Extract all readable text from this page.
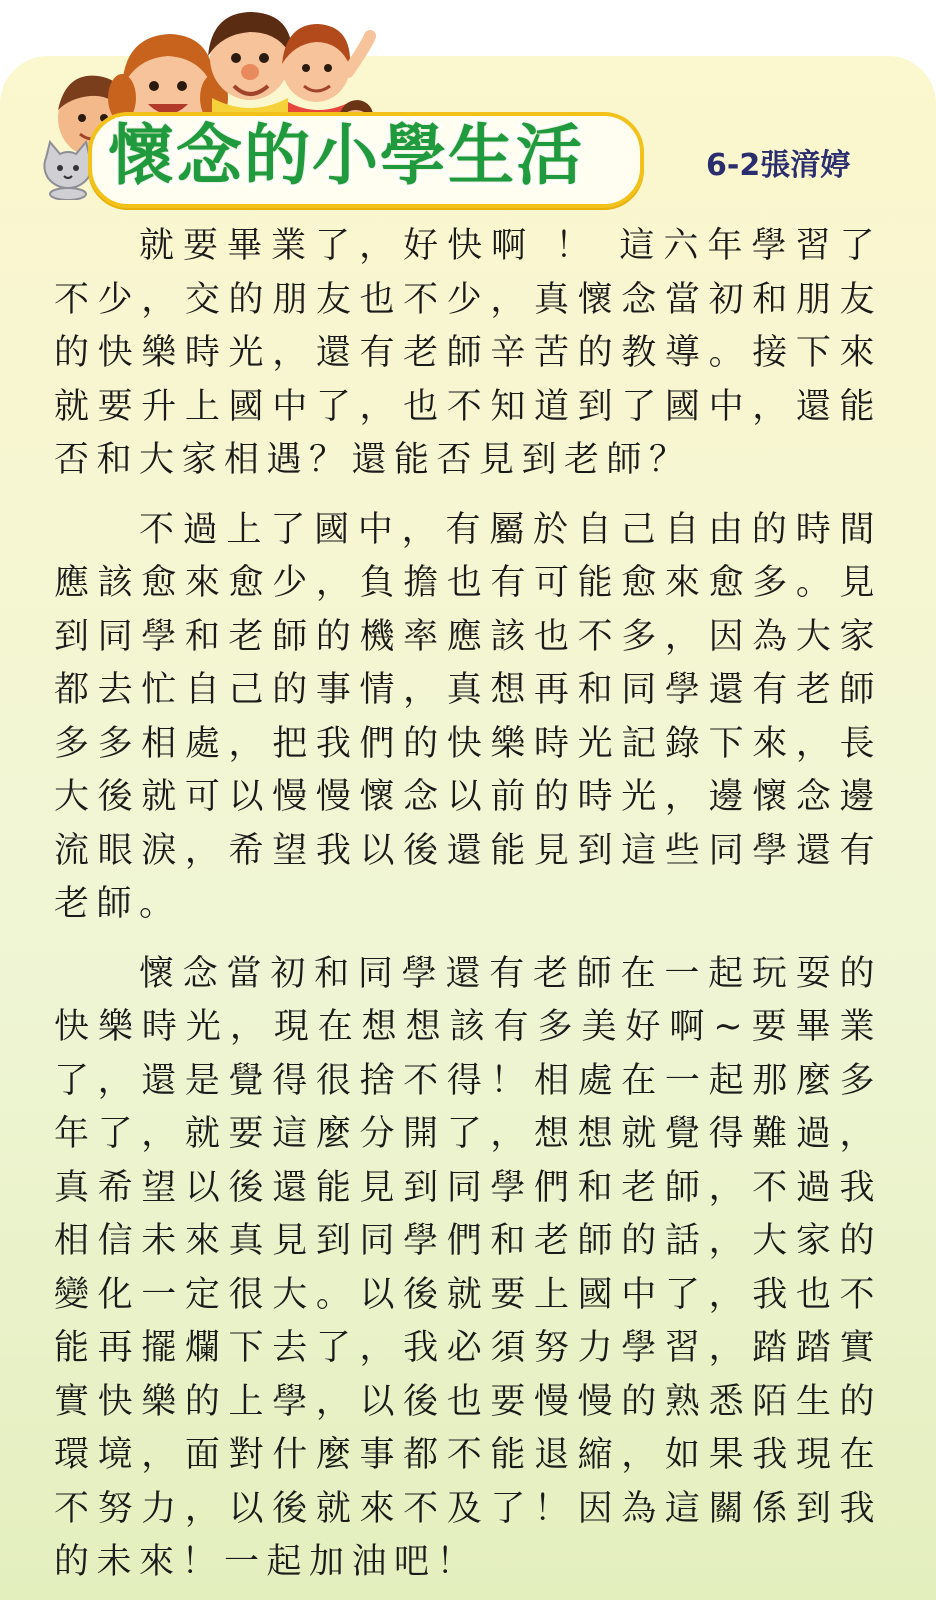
懷念的小學生活	6-2張湇婷

就要畢業了，好快啊 ！ 這六年學習了不少，交的朋友也不少，真懷念當初和朋友的快樂時光，還有老師辛苦的教導。接下來就要升上國中了，也不知道到了國中，還能否和大家相遇？還能否見到老師？

不過上了國中，有屬於自己自由的時間應該愈來愈少，負擔也有可能愈來愈多。見到同學和老師的機率應該也不多，因為大家都去忙自己的事情，真想再和同學還有老師多多相處，把我們的快樂時光記錄下來，長大後就可以慢慢懷念以前的時光，邊懷念邊流眼淚，希望我以後還能見到這些同學還有老師。

懷念當初和同學還有老師在一起玩耍的快樂時光，現在想想該有多美好啊~要畢業了，還是覺得很捨不得！相處在一起那麼多年了，就要這麼分開了，想想就覺得難過，真希望以後還能見到同學們和老師，不過我相信未來真見到同學們和老師的話，大家的變化一定很大。以後就要上國中了，我也不能再擺爛下去了，我必須努力學習，踏踏實實快樂的上學，以後也要慢慢的熟悉陌生的環境，面對什麼事都不能退縮，如果我現在不努力，以後就來不及了！因為這關係到我的未來！一起加油吧！
